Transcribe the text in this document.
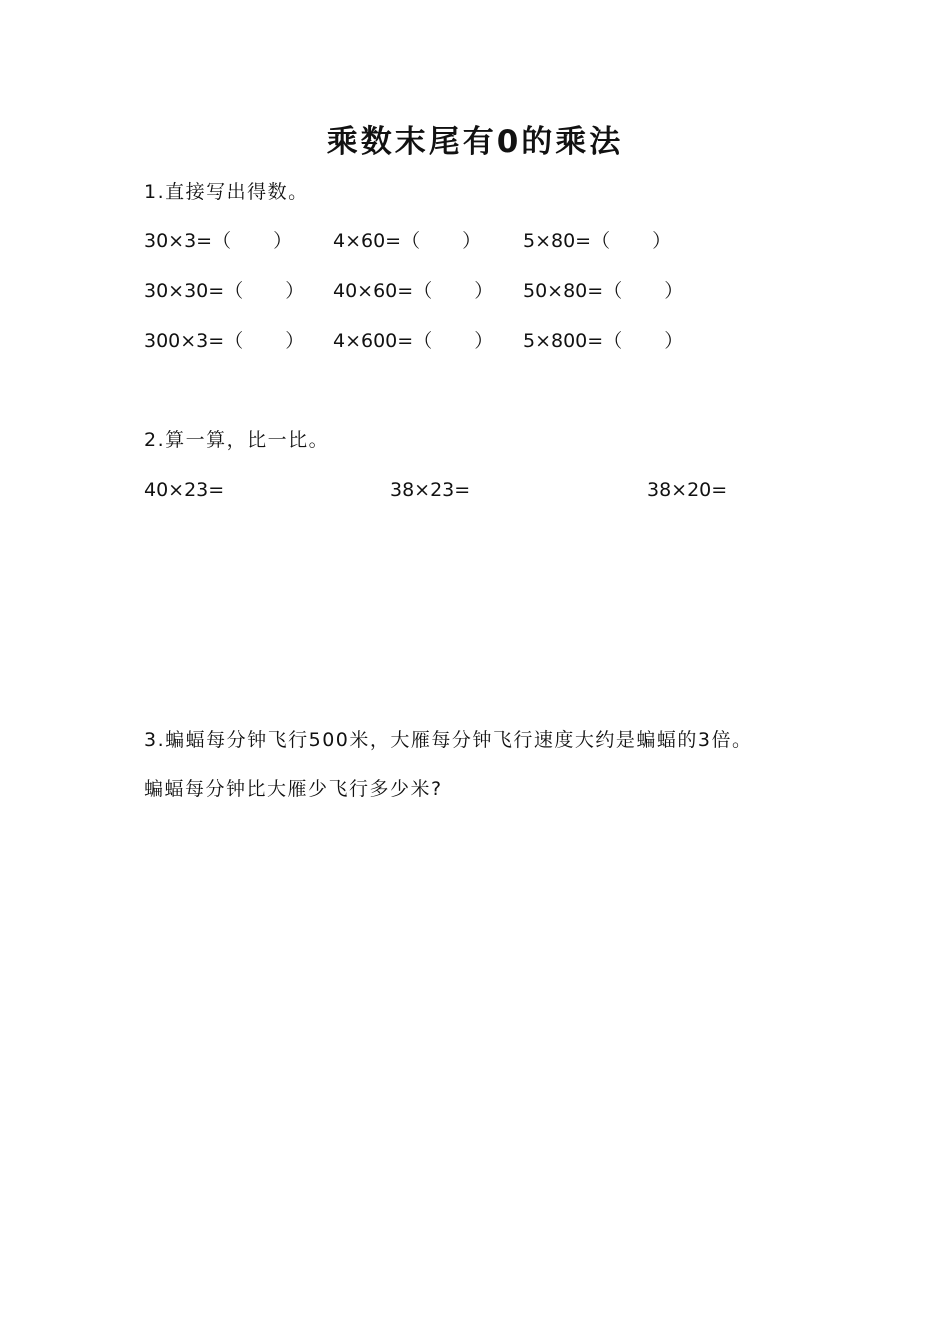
乘数末尾有0的乘法
1.直接写出得数。
30×3=（ ） 4×60=（ ） 5×80=（ ）
30×30=（ ） 40×60=（ ） 50×80=（ ）
300×3=（ ） 4×600=（ ） 5×800=（ ）
2.算一算，比一比。
40×23=	38×23=	38×20=
3.蝙蝠每分钟飞行500米，大雁每分钟飞行速度大约是蝙蝠的3倍。
蝙蝠每分钟比大雁少飞行多少米?
